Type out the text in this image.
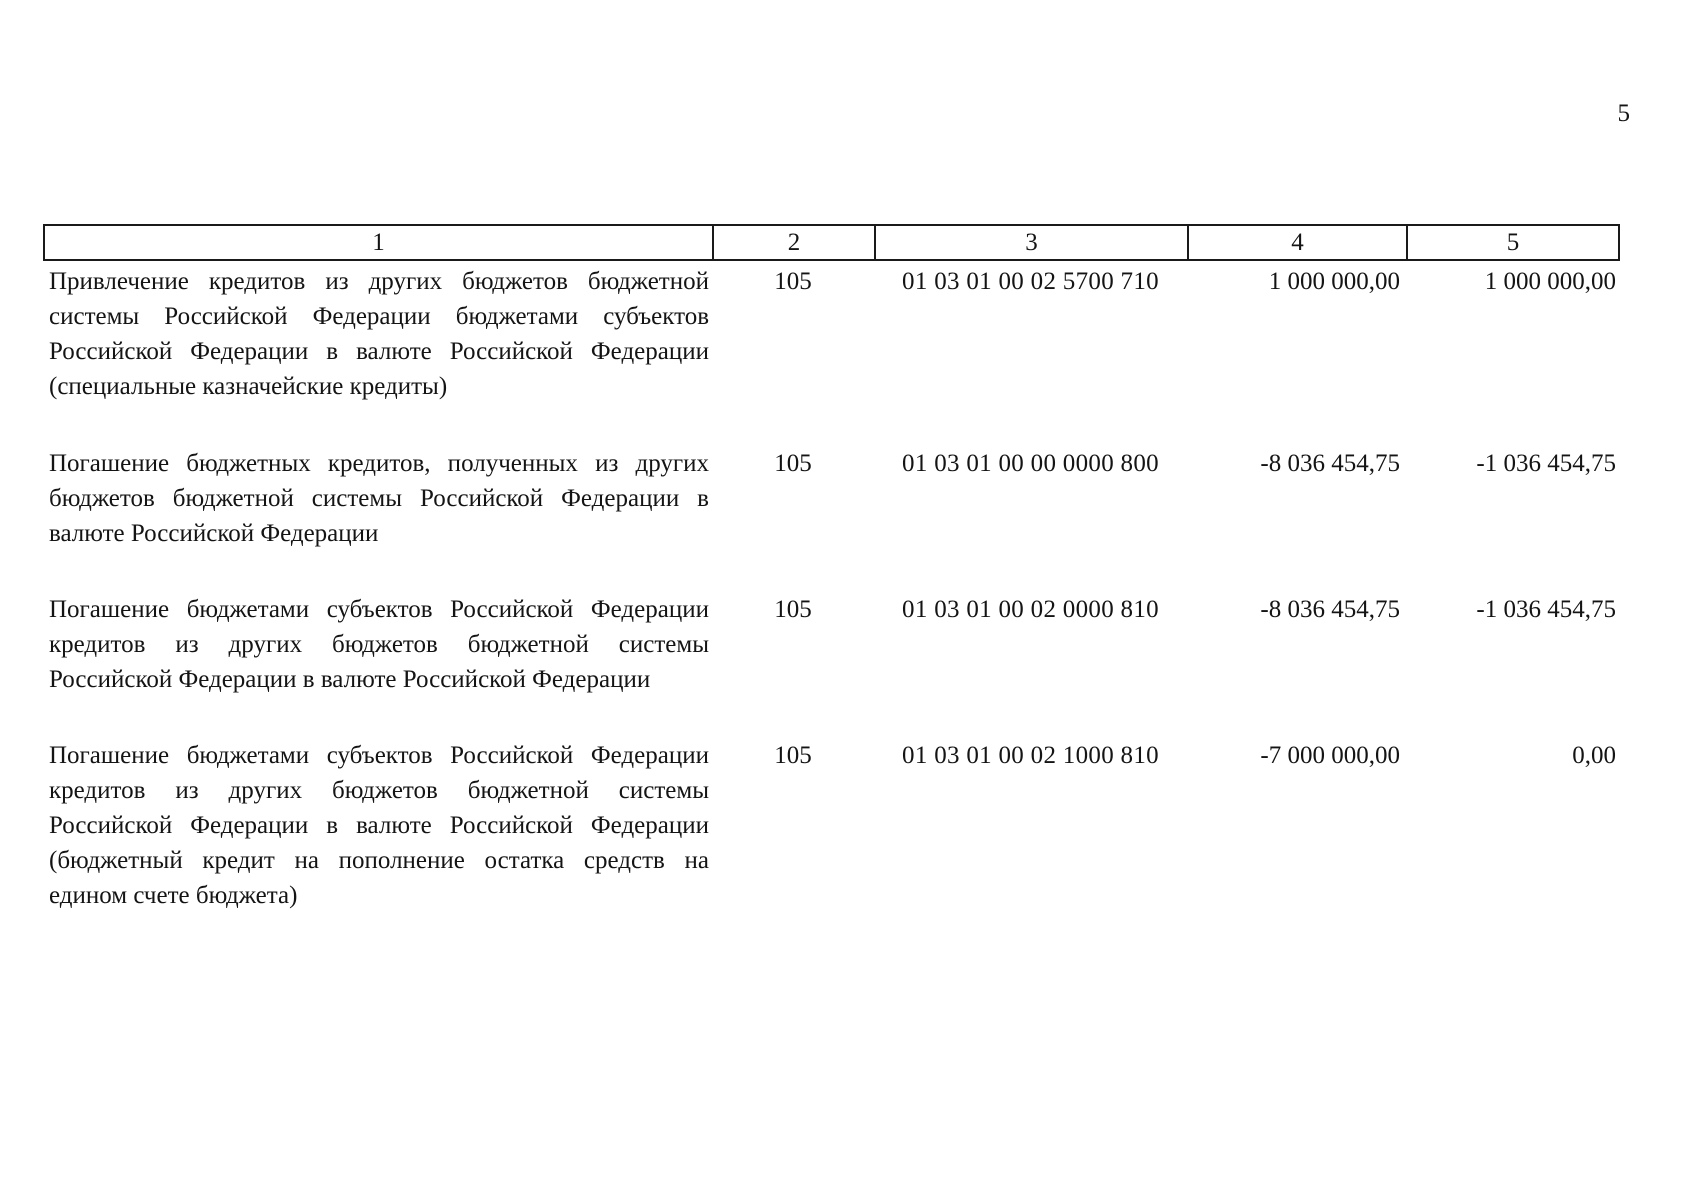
5
1	2	3	4	5
Привлечение кредитов из других бюджетов бюджетной системы Российской Федерации бюджетами субъектов Российской Федерации в валюте Российской Федерации (специальные казначейские кредиты)
105	01 03 01 00 02 5700 710	1 000 000,00	1 000 000,00
Погашение бюджетных кредитов, полученных из других бюджетов бюджетной системы Российской Федерации в валюте Российской Федерации
105	01 03 01 00 00 0000 800	-8 036 454,75	-1 036 454,75
Погашение бюджетами субъектов Российской Федерации кредитов из других бюджетов бюджетной системы Российской Федерации в валюте Российской Федерации
105	01 03 01 00 02 0000 810	-8 036 454,75	-1 036 454,75
Погашение бюджетами субъектов Российской Федерации кредитов из других бюджетов бюджетной системы Российской Федерации в валюте Российской Федерации (бюджетный кредит на пополнение остатка средств на едином счете бюджета)
105	01 03 01 00 02 1000 810	-7 000 000,00	0,00
